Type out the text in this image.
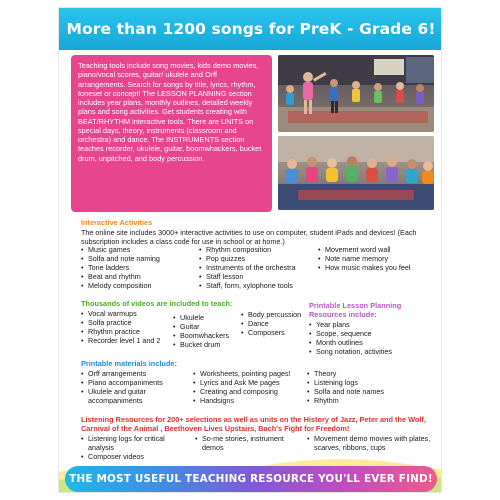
More than 1200 songs for PreK - Grade 6!

Teaching tools include song movies, kids demo movies, piano/vocal scores, guitar/ ukulele and Orff arrangements. Search for songs by title, lyrics, rhythm, toneset or concept! The LESSON PLANNING section includes year plans, monthly outlines, detailed weekly plans and song activities. Get students creating with BEAT/RHYTHM interactive tools. There are UNITS on special days, theory, instruments (classroom and orchestra) and dance. The INSTRUMENTS section teaches recorder, ukulele, guitar, boomwhackers, bucket drum, unpitched, and body percussion.

Interactive Activities
The online site includes 3000+ interactive activities to use on computer, student iPads and devices! (Each subscription includes a class code for use in school or at home.)
• Music games
• Solfa and note naming
• Tone ladders
• Beat and rhythm
• Melody composition
• Rhythm composition
• Pop quizzes
• Instruments of the orchestra
• Staff lesson
• Staff, form, xylophone tools
• Movement word wall
• Note name memory
• How music makes you feel
Thousands of videos are included to teach:
• Vocal warmups
• Solfa practice
• Rhythm practice
• Recorder level 1 and 2
• Ukulele
• Guitar
• Boomwhackers
• Bucket drum
• Body percussion
• Dance
• Composers
Printable Lesson Planning Resources include:
• Year plans
• Scope, sequence
• Month outlines
• Song notation, activities
Printable materials include:
• Orff arrangements
• Piano accompaniments
• Ukulele and guitar accompaniments
• Worksheets, pointing pages!
• Lyrics and Ask Me pages
• Creating and composing
• Handsigns
• Theory
• Listening logs
• Solfa and note names
• Rhythm
Listening Resources for 200+ selections as well as units on the History of Jazz, Peter and the Wolf, Carnival of the Animal , Beethoven Lives Upstairs, Bach's Fight for Freedom!
• Listening logs for critical analysis
• Composer videos
• So-me stories, instrument demos
• Movement demo movies with plates, scarves, ribbons, cups
THE MOST USEFUL TEACHING RESOURCE YOU'LL EVER FIND!
